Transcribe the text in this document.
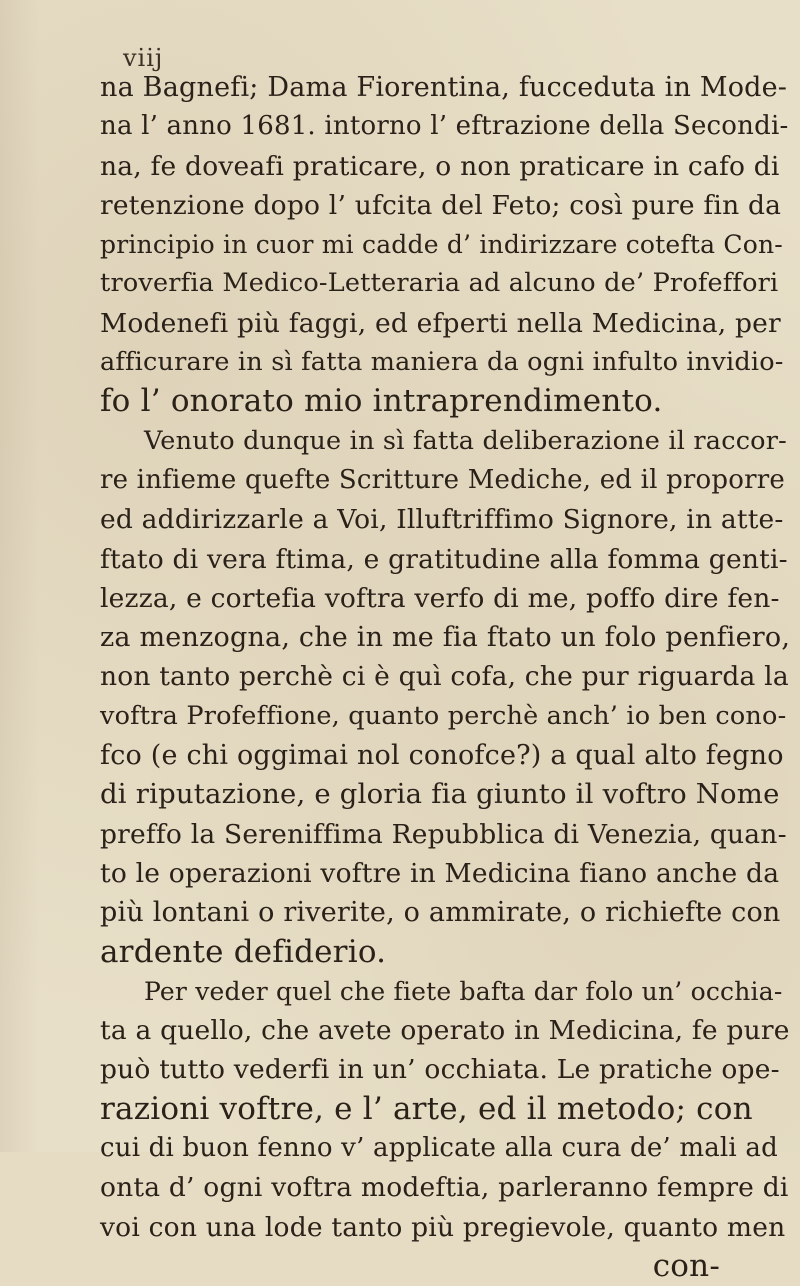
viij
na Bagnefi; Dama Fiorentina, fucceduta in Mode-
na l’ anno 1681. intorno l’ eftrazione della Secondi-
na, fe doveafi praticare, o non praticare in cafo di
retenzione dopo l’ ufcita del Feto; così pure fin da
principio in cuor mi cadde d’ indirizzare cotefta Con-
troverfia Medico-Letteraria ad alcuno de’ Profeffori
Modenefi più faggi, ed efperti nella Medicina, per
afficurare in sì fatta maniera da ogni infulto invidio-
fo l’ onorato mio intraprendimento.
Venuto dunque in sì fatta deliberazione il raccor-
re infieme quefte Scritture Mediche, ed il proporre
ed addirizzarle a Voi, Illuftriffimo Signore, in atte-
ftato di vera ftima, e gratitudine alla fomma genti-
lezza, e cortefia voftra verfo di me, poffo dire fen-
za menzogna, che in me fia ftato un folo penfiero,
non tanto perchè ci è quì cofa, che pur riguarda la
voftra Profeffione, quanto perchè anch’ io ben cono-
fco (e chi oggimai nol conofce?) a qual alto fegno
di riputazione, e gloria fia giunto il voftro Nome
preffo la Sereniffima Repubblica di Venezia, quan-
to le operazioni voftre in Medicina fiano anche da
più lontani o riverite, o ammirate, o richiefte con
ardente defiderio.
Per veder quel che fiete bafta dar folo un’ occhia-
ta a quello, che avete operato in Medicina, fe pure
può tutto vederfi in un’ occhiata. Le pratiche ope-
razioni voftre, e l’ arte, ed il metodo; con
cui di buon fenno v’ applicate alla cura de’ mali ad
onta d’ ogni voftra modeftia, parleranno fempre di
voi con una lode tanto più pregievole, quanto men
con-
